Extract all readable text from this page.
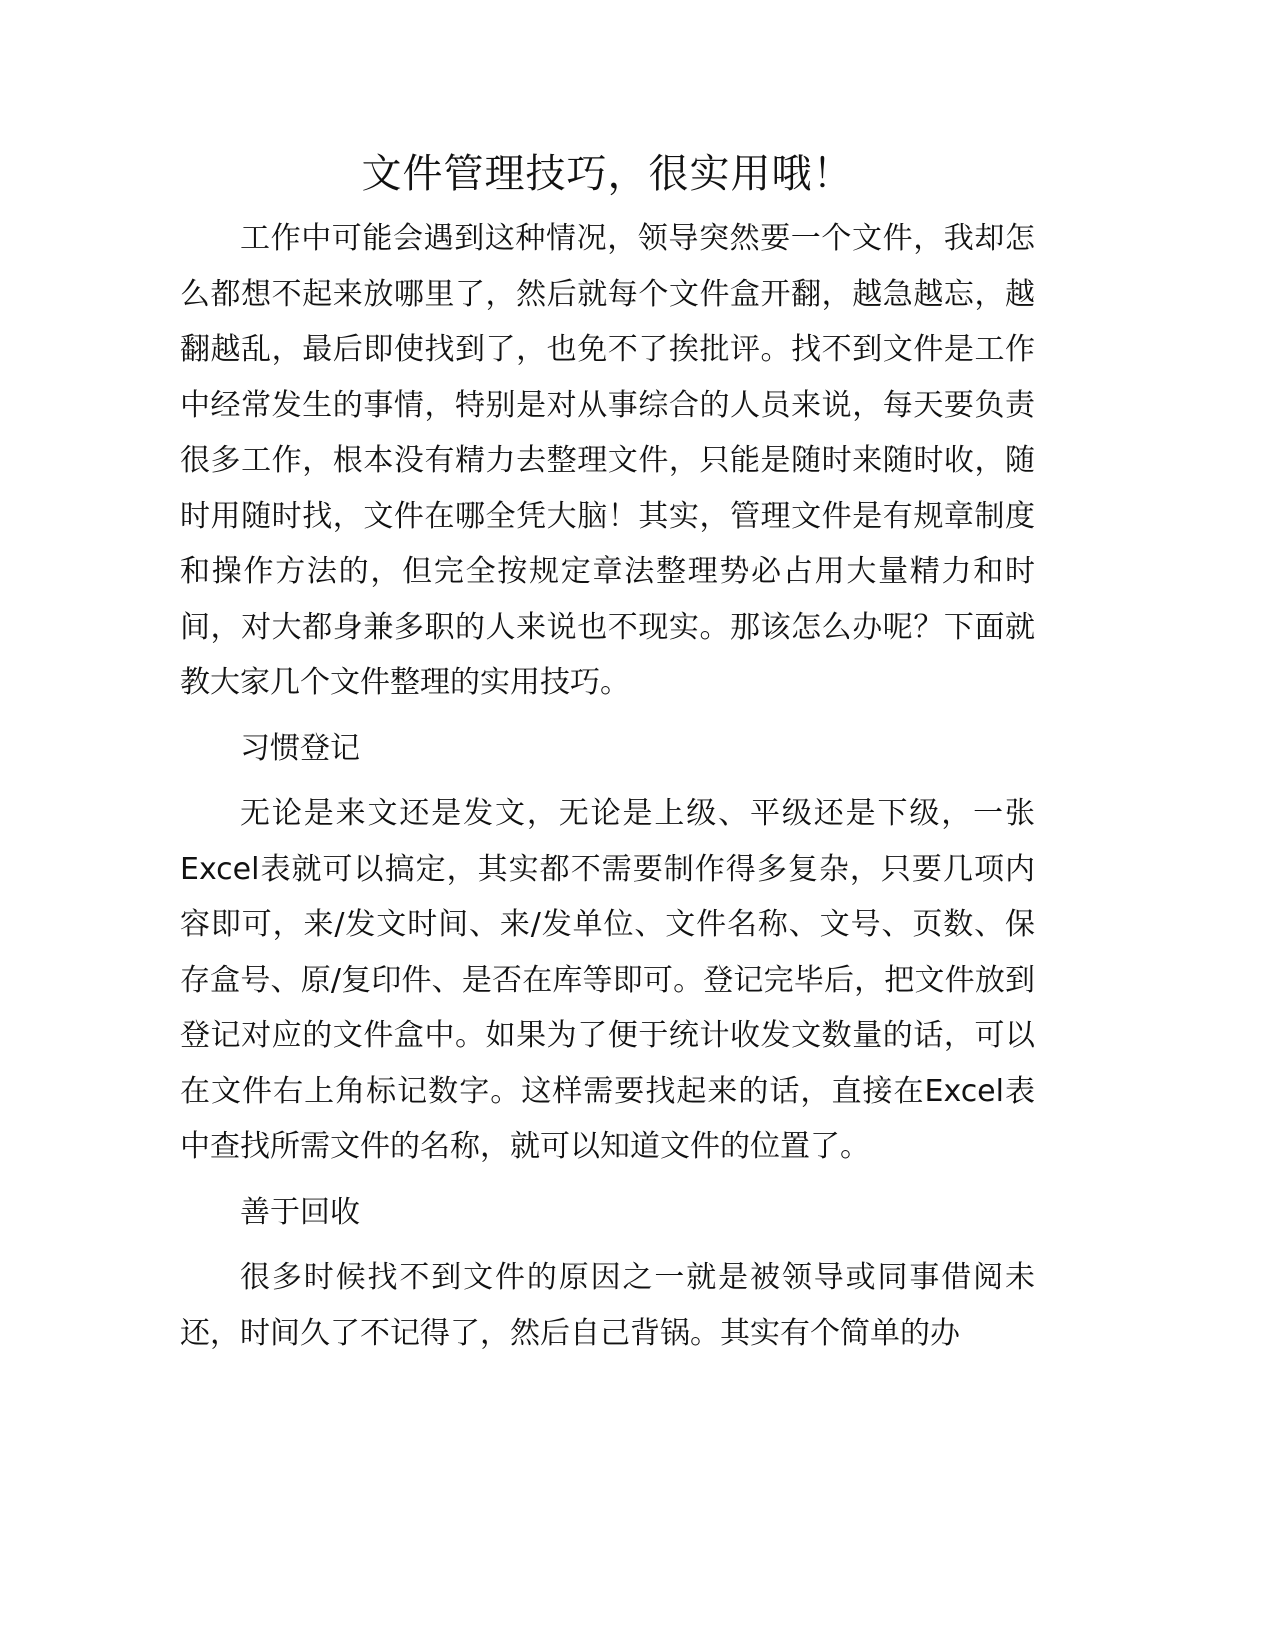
文件管理技巧，很实用哦！

工作中可能会遇到这种情况，领导突然要一个文件，我却怎么都想不起来放哪里了，然后就每个文件盒开翻，越急越忘，越翻越乱，最后即使找到了，也免不了挨批评。找不到文件是工作中经常发生的事情，特别是对从事综合的人员来说，每天要负责很多工作，根本没有精力去整理文件，只能是随时来随时收，随时用随时找，文件在哪全凭大脑！其实，管理文件是有规章制度和操作方法的，但完全按规定章法整理势必占用大量精力和时间，对大都身兼多职的人来说也不现实。那该怎么办呢？下面就教大家几个文件整理的实用技巧。

习惯登记

无论是来文还是发文，无论是上级、平级还是下级，一张Excel表就可以搞定，其实都不需要制作得多复杂，只要几项内容即可，来/发文时间、来/发单位、文件名称、文号、页数、保存盒号、原/复印件、是否在库等即可。登记完毕后，把文件放到登记对应的文件盒中。如果为了便于统计收发文数量的话，可以在文件右上角标记数字。这样需要找起来的话，直接在Excel表中查找所需文件的名称，就可以知道文件的位置了。

善于回收

很多时候找不到文件的原因之一就是被领导或同事借阅未还，时间久了不记得了，然后自己背锅。其实有个简单的办
